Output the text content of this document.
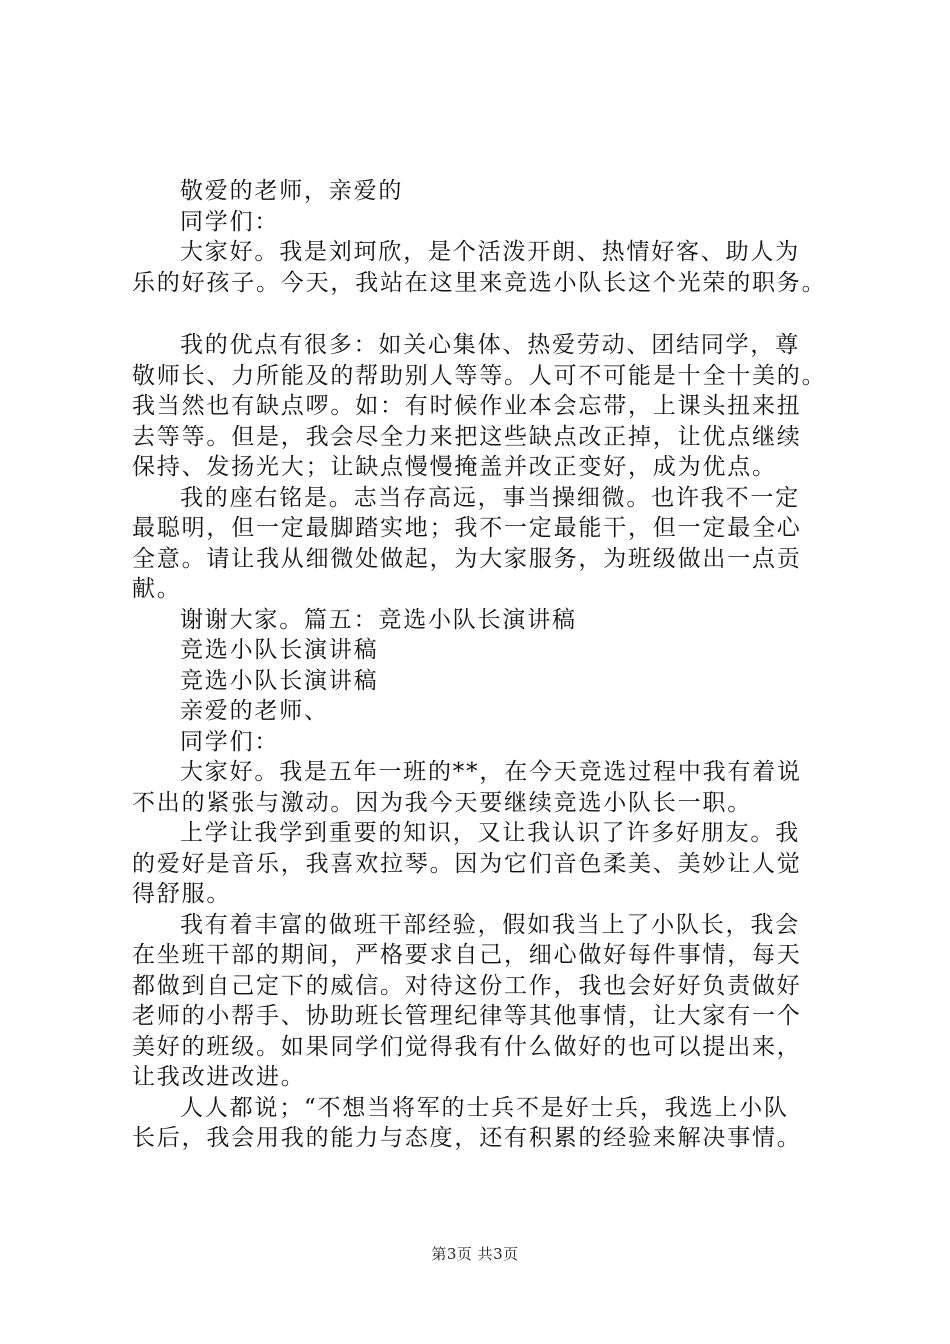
敬爱的老师，亲爱的
同学们：
大家好。我是刘珂欣，是个活泼开朗、热情好客、助人为
乐的好孩子。今天，我站在这里来竞选小队长这个光荣的职务。
我的优点有很多：如关心集体、热爱劳动、团结同学，尊
敬师长、力所能及的帮助别人等等。人可不可能是十全十美的。
我当然也有缺点啰。如：有时候作业本会忘带，上课头扭来扭
去等等。但是，我会尽全力来把这些缺点改正掉，让优点继续
保持、发扬光大；让缺点慢慢掩盖并改正变好，成为优点。
我的座右铭是。志当存高远，事当操细微。也许我不一定
最聪明，但一定最脚踏实地；我不一定最能干，但一定最全心
全意。请让我从细微处做起，为大家服务，为班级做出一点贡
献。
谢谢大家。篇五：竞选小队长演讲稿
竞选小队长演讲稿
竞选小队长演讲稿
亲爱的老师、
同学们：
大家好。我是五年一班的**，在今天竞选过程中我有着说
不出的紧张与激动。因为我今天要继续竞选小队长一职。
上学让我学到重要的知识，又让我认识了许多好朋友。我
的爱好是音乐，我喜欢拉琴。因为它们音色柔美、美妙让人觉
得舒服。
我有着丰富的做班干部经验，假如我当上了小队长，我会
在坐班干部的期间，严格要求自己，细心做好每件事情，每天
都做到自己定下的威信。对待这份工作，我也会好好负责做好
老师的小帮手、协助班长管理纪律等其他事情，让大家有一个
美好的班级。如果同学们觉得我有什么做好的也可以提出来，
让我改进改进。
人人都说；“不想当将军的士兵不是好士兵，我选上小队
长后，我会用我的能力与态度，还有积累的经验来解决事情。
第3页 共3页
